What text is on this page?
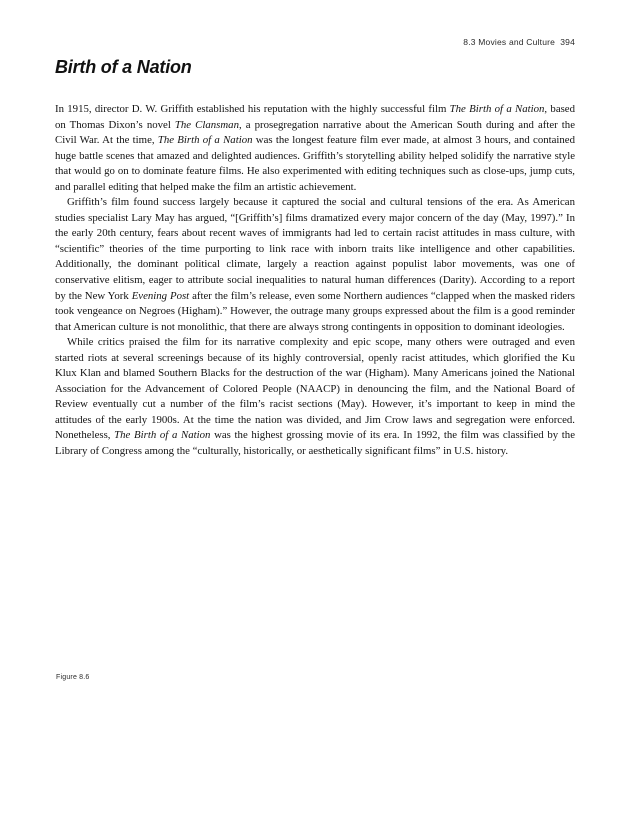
8.3 Movies and Culture  394
Birth of a Nation

In 1915, director D. W. Griffith established his reputation with the highly successful film The Birth of a Nation, based on Thomas Dixon’s novel The Clansman, a prosegregation narrative about the American South during and after the Civil War. At the time, The Birth of a Nation was the longest feature film ever made, at almost 3 hours, and contained huge battle scenes that amazed and delighted audiences. Griffith’s storytelling ability helped solidify the narrative style that would go on to dominate feature films. He also experimented with editing techniques such as close-ups, jump cuts, and parallel editing that helped make the film an artistic achievement.

Griffith’s film found success largely because it captured the social and cultural tensions of the era. As American studies specialist Lary May has argued, “[Griffith’s] films dramatized every major concern of the day (May, 1997).” In the early 20th century, fears about recent waves of immigrants had led to certain racist attitudes in mass culture, with “scientific” theories of the time purporting to link race with inborn traits like intelligence and other capabilities. Additionally, the dominant political climate, largely a reaction against populist labor movements, was one of conservative elitism, eager to attribute social inequalities to natural human differences (Darity). According to a report by the New York Evening Post after the film’s release, even some Northern audiences “clapped when the masked riders took vengeance on Negroes (Higham).” However, the outrage many groups expressed about the film is a good reminder that American culture is not monolithic, that there are always strong contingents in opposition to dominant ideologies.

While critics praised the film for its narrative complexity and epic scope, many others were outraged and even started riots at several screenings because of its highly controversial, openly racist attitudes, which glorified the Ku Klux Klan and blamed Southern Blacks for the destruction of the war (Higham). Many Americans joined the National Association for the Advancement of Colored People (NAACP) in denouncing the film, and the National Board of Review eventually cut a number of the film’s racist sections (May). However, it’s important to keep in mind the attitudes of the early 1900s. At the time the nation was divided, and Jim Crow laws and segregation were enforced. Nonetheless, The Birth of a Nation was the highest grossing movie of its era. In 1992, the film was classified by the Library of Congress among the “culturally, historically, or aesthetically significant films” in U.S. history.

Figure 8.6
